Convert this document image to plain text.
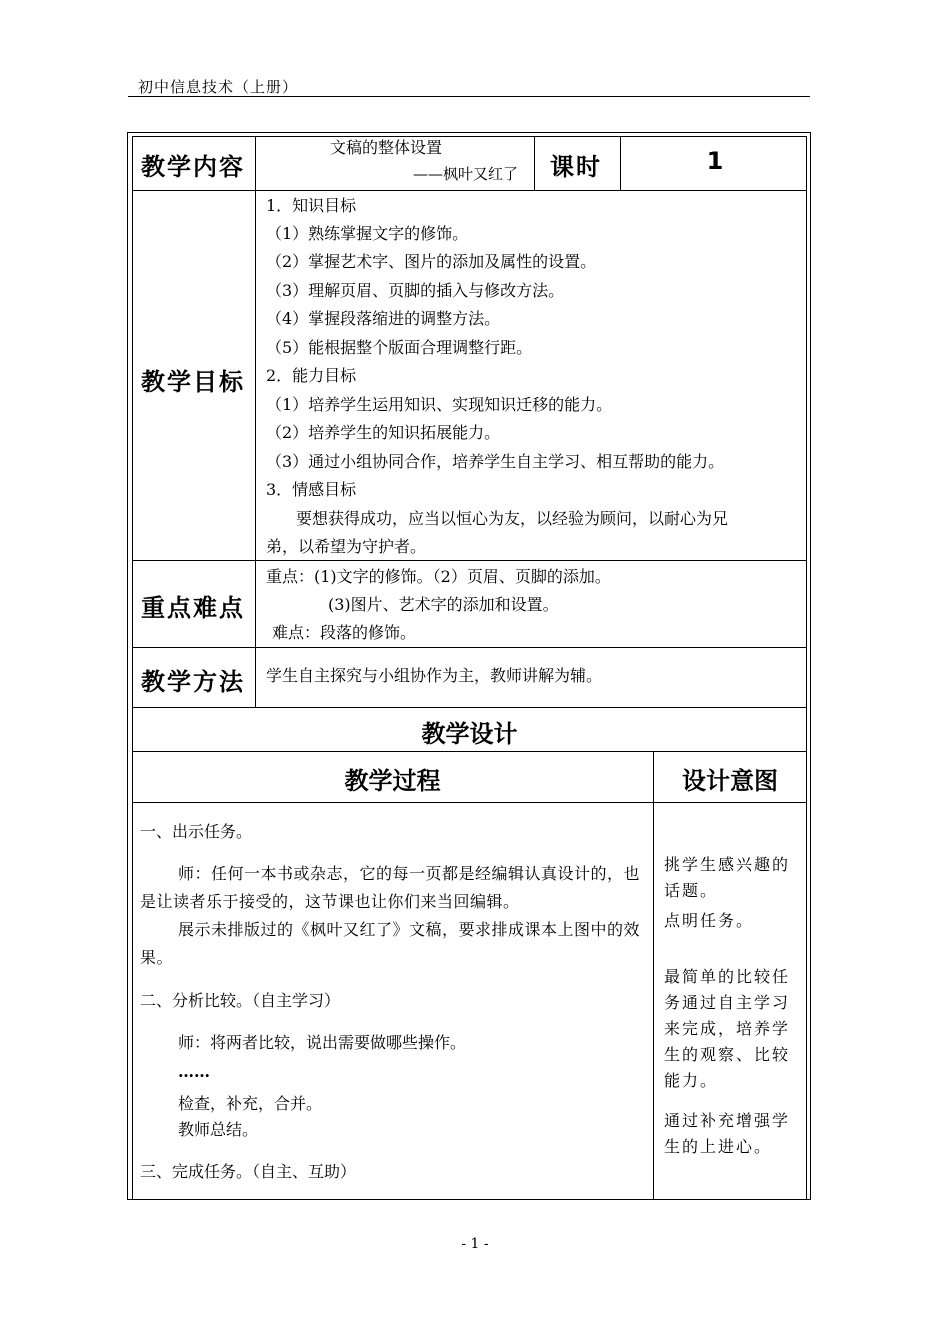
初中信息技术（上册）
教学内容
文稿的整体设置
——枫叶又红了 课时	1
教学目标
1．知识目标
（1）熟练掌握文字的修饰。
（2）掌握艺术字、图片的添加及属性的设置。
（3）理解页眉、页脚的插入与修改方法。
（4）掌握段落缩进的调整方法。
（5）能根据整个版面合理调整行距。
2．能力目标
（1）培养学生运用知识、实现知识迁移的能力。
（2）培养学生的知识拓展能力。
（3）通过小组协同合作，培养学生自主学习、相互帮助的能力。
3．情感目标
要想获得成功，应当以恒心为友，以经验为顾问，以耐心为兄
弟，以希望为守护者。
重点难点
重点：(1)文字的修饰。（2）页眉、页脚的添加。
(3)图片、艺术字的添加和设置。
难点：段落的修饰。
教学方法 学生自主探究与小组协作为主，教师讲解为辅。
教学设计
教学过程	设计意图
一、出示任务。
师：任何一本书或杂志，它的每一页都是经编辑认真设计的，也是让读者乐于接受的，这节课也让你们来当回编辑。
展示未排版过的《枫叶又红了》文稿，要求排成课本上图中的效果。
二、分析比较。（自主学习）
师：将两者比较，说出需要做哪些操作。
……
检查，补充，合并。
教师总结。
三、完成任务。（自主、互助）
挑学生感兴趣的话题。
点明任务。
最简单的比较任务通过自主学习来完成，培养学生的观察、比较能力。
通过补充增强学生的上进心。
- 1 -
